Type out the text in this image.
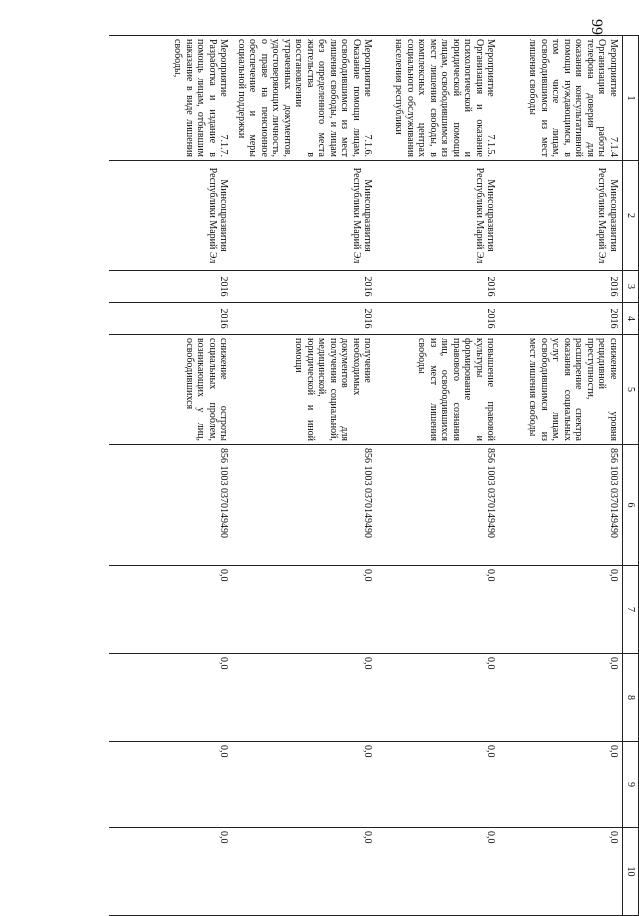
99
1	2	3	4	5	6	7	8	9	10
Мероприятие 7.1.4 Организация работы телефона доверия для оказания консультативной помощи нуждающимся, в том числе лицам, освободившимся из мест лишения свободы	Минсоцразвития Республики Марий Эл	2016	2016	снижение уровня рецидивной преступности, расширение спектра оказания социальных услуг лицам, освободившимся из мест лишения свободы	856 1003 0370149490	0,0	0,0	0,0	0,0
Мероприятие 7.1.5. Организация и оказание психологической и юридической помощи лицам, освободившимся из мест лишения свободы, в комплексных центрах социального обслуживания населения республики	Минсоцразвития Республики Марий Эл	2016	2016	повышение правовой культуры и формирование правового сознания лиц, освободившихся из мест лишения свободы	856 1003 0370149490	0,0	0,0	0,0	0,0
Мероприятие 7.1.6. Оказание помощи лицам, освободившимся из мест лишения свободы, и лицам без определенного места жительства в восстановлении утраченных документов, удостоверяющих личность, о праве на пенсионное обеспечение и меры социальной поддержки	Минсоцразвития Республики Марий Эл	2016	2016	получение необходимых документов для получения социальной, медицинской, юридической и иной помощи	856 1003 0370149490	0,0	0,0	0,0	0,0
Мероприятие 7.1.7. Разработка и издание в помощь лицам, отбывшим наказание в виде лишения свободы,	Минсоцразвития Республики Марий Эл	2016	2016	снижение остроты социальных проблем, возникающих у лиц, освободившихся	856 1003 0370149490	0,0	0,0	0,0	0,0
